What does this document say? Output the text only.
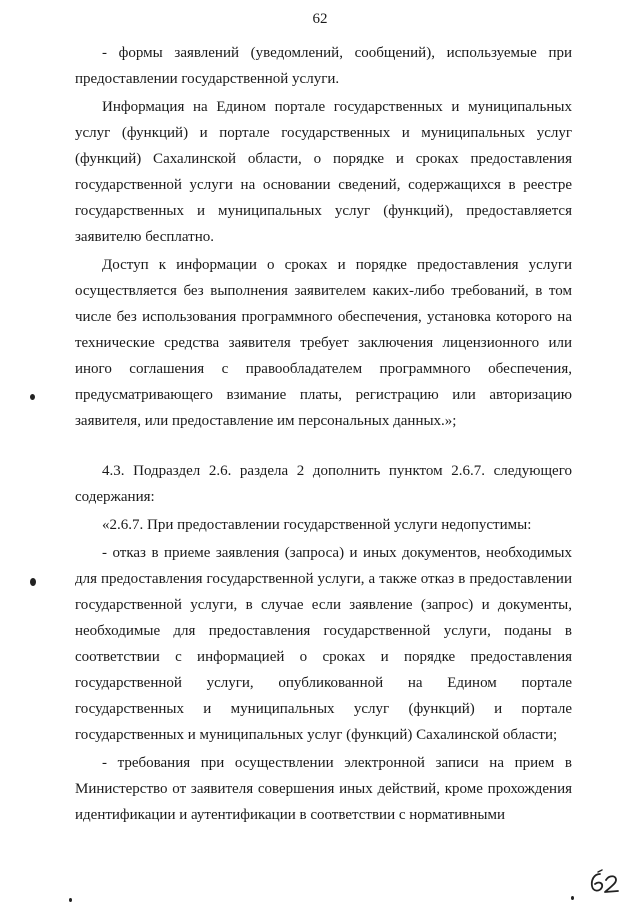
62

- формы заявлений (уведомлений, сообщений), используемые при предоставлении государственной услуги.

Информация на Едином портале государственных и муниципальных услуг (функций) и портале государственных и муниципальных услуг (функций) Сахалинской области, о порядке и сроках предоставления государственной услуги на основании сведений, содержащихся в реестре государственных и муниципальных услуг (функций), предоставляется заявителю бесплатно.

Доступ к информации о сроках и порядке предоставления услуги осуществляется без выполнения заявителем каких-либо требований, в том числе без использования программного обеспечения, установка которого на технические средства заявителя требует заключения лицензионного или иного соглашения с правообладателем программного обеспечения, предусматривающего взимание платы, регистрацию или авторизацию заявителя, или предоставление им персональных данных.»;

4.3. Подраздел 2.6. раздела 2 дополнить пунктом 2.6.7. следующего содержания:

«2.6.7. При предоставлении государственной услуги недопустимы:

- отказ в приеме заявления (запроса) и иных документов, необходимых для предоставления государственной услуги, а также отказ в предоставлении государственной услуги, в случае если заявление (запрос) и документы, необходимые для предоставления государственной услуги, поданы в соответствии с информацией о сроках и порядке предоставления государственной услуги, опубликованной на Едином портале государственных и муниципальных услуг (функций) и портале государственных и муниципальных услуг (функций) Сахалинской области;

- требования при осуществлении электронной записи на прием в Министерство от заявителя совершения иных действий, кроме прохождения идентификации и аутентификации в соответствии с нормативными
